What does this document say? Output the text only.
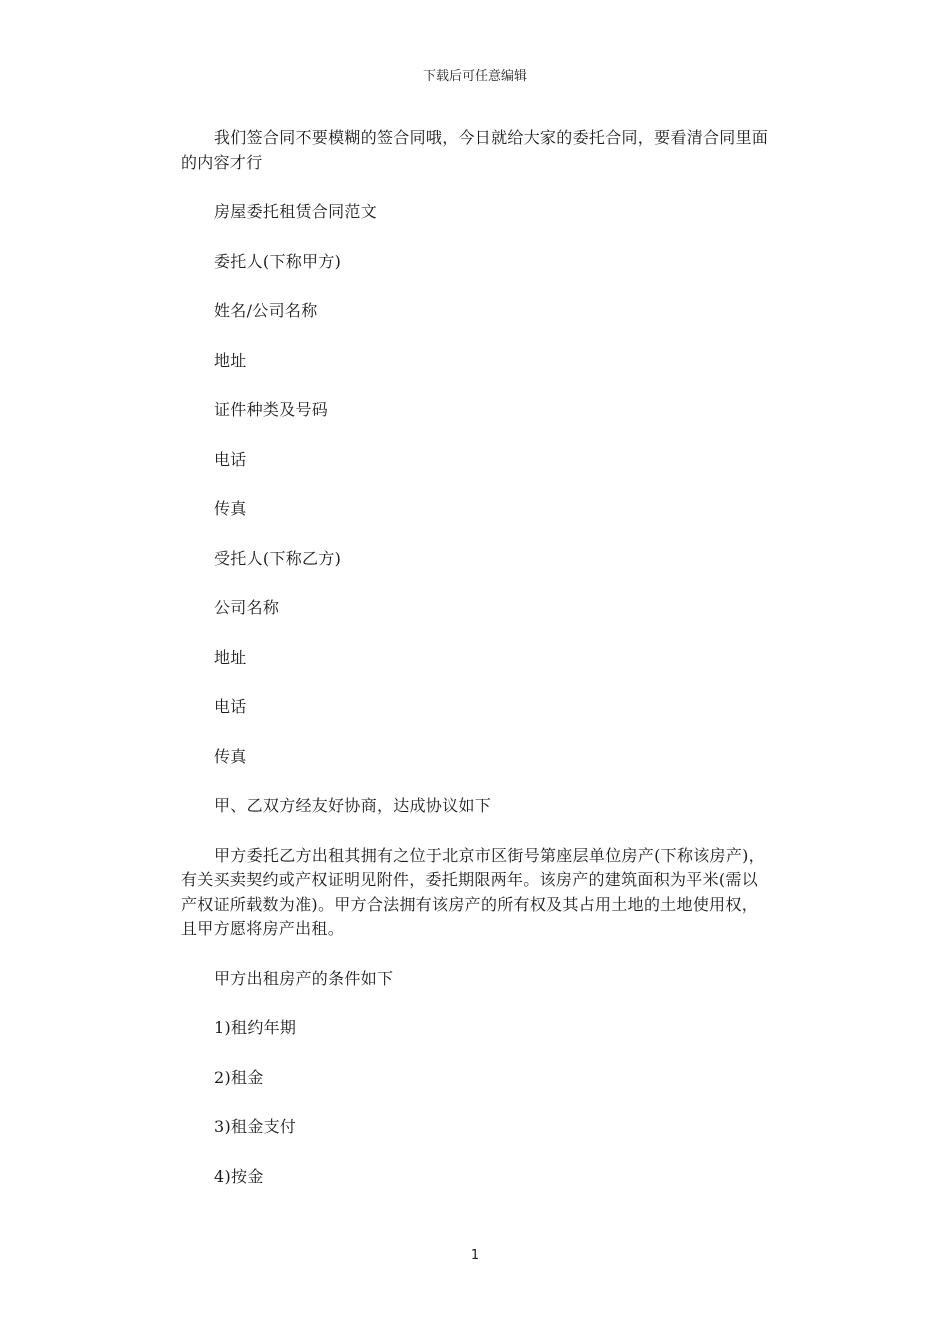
下载后可任意编辑

我们签合同不要模糊的签合同哦，今日就给大家的委托合同，要看清合同里面的内容才行

房屋委托租赁合同范文

委托人(下称甲方)

姓名/公司名称

地址

证件种类及号码

电话

传真

受托人(下称乙方)

公司名称

地址

电话

传真

甲、乙双方经友好协商，达成协议如下

甲方委托乙方出租其拥有之位于北京市区街号第座层单位房产(下称该房产)，有关买卖契约或产权证明见附件，委托期限两年。该房产的建筑面积为平米(需以产权证所载数为准)。甲方合法拥有该房产的所有权及其占用土地的土地使用权，且甲方愿将房产出租。

甲方出租房产的条件如下

1)租约年期

2)租金

3)租金支付

4)按金

1
